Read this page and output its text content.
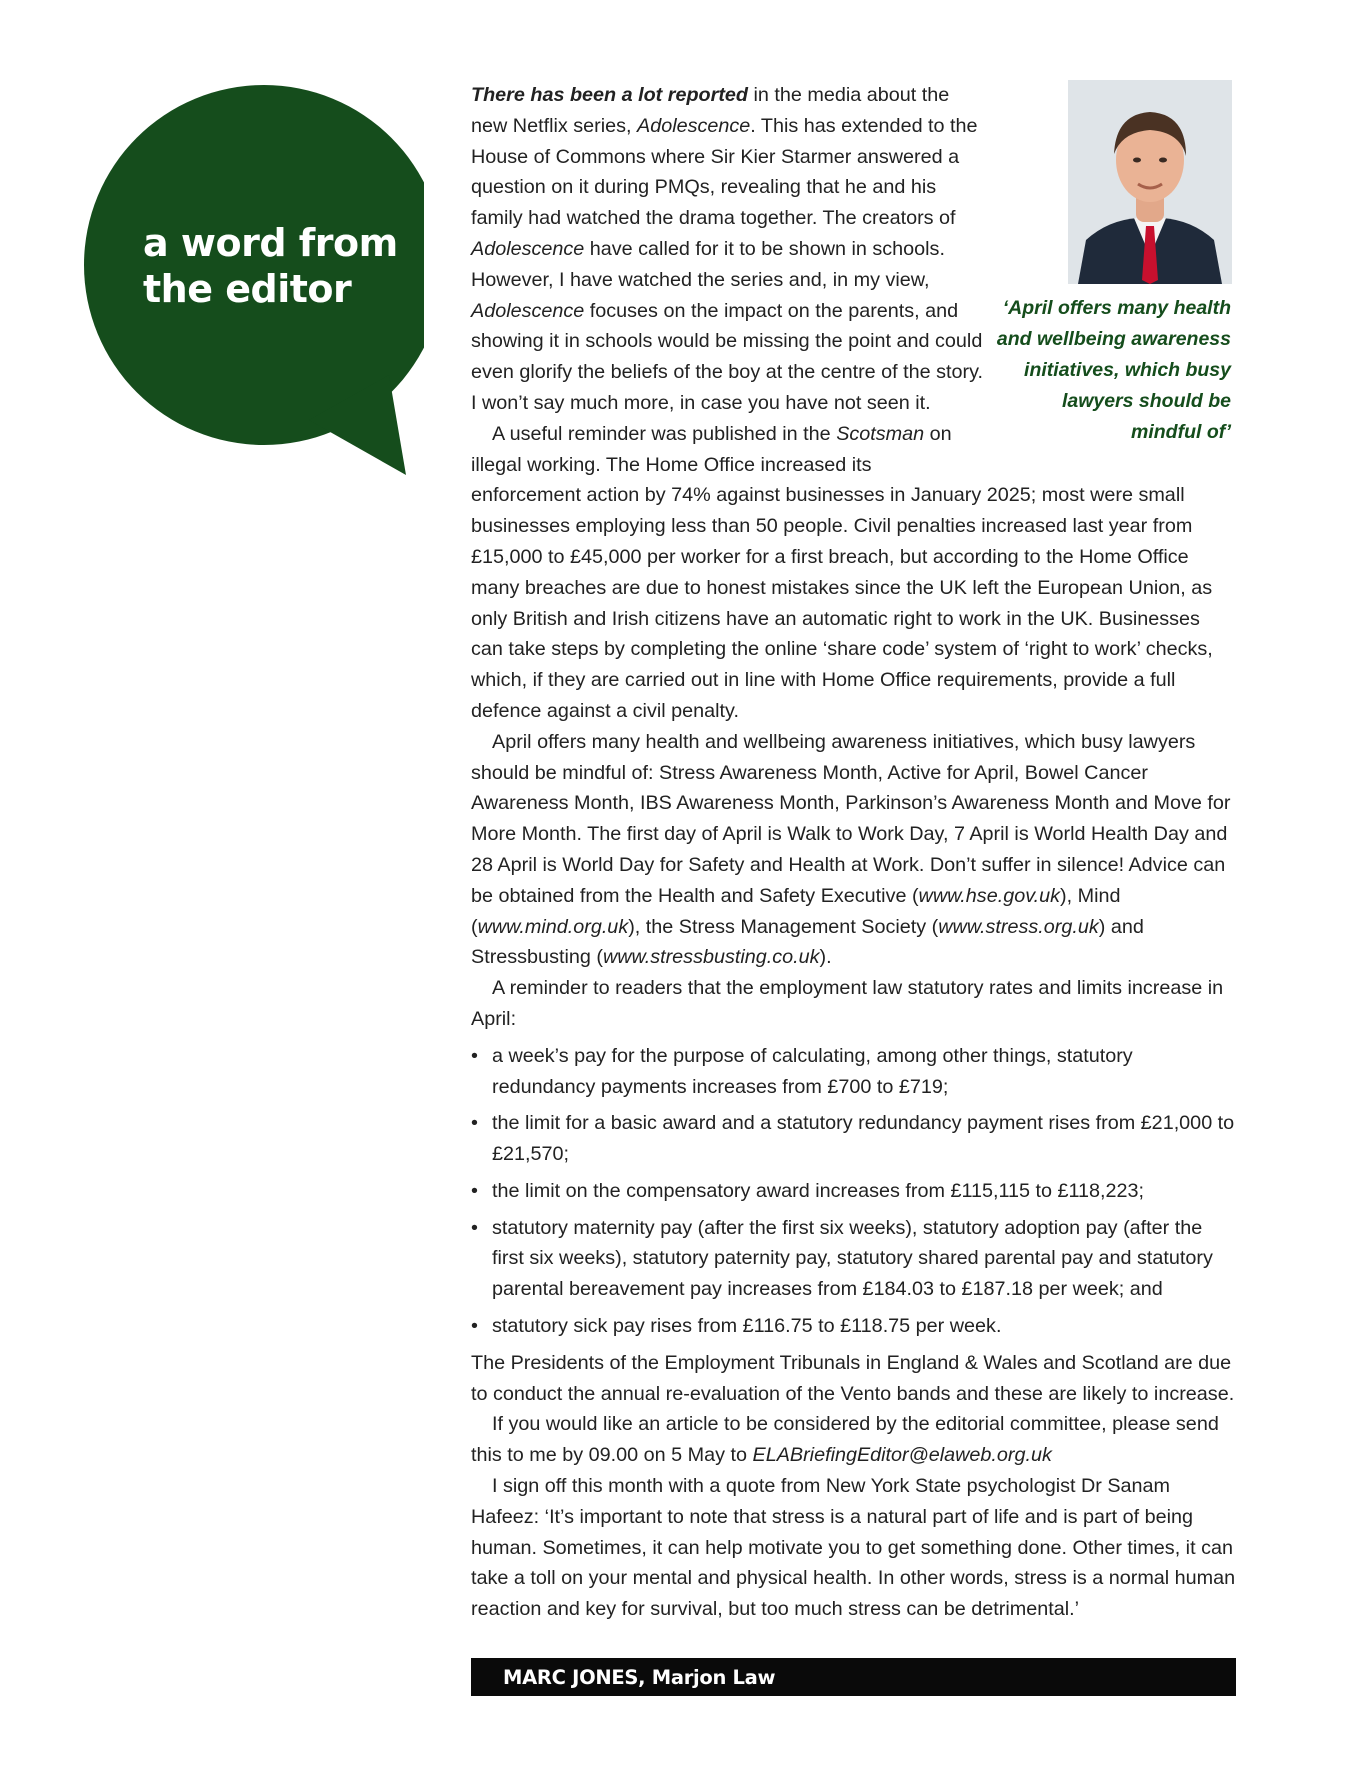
a word from
the editor	‘April offers many health and wellbeing awareness initiatives, which busy lawyers should be mindful of’

There has been a lot reported in the media about the new Netflix series, Adolescence. This has extended to the House of Commons where Sir Kier Starmer answered a question on it during PMQs, revealing that he and his family had watched the drama together. The creators of Adolescence have called for it to be shown in schools. However, I have watched the series and, in my view, Adolescence focuses on the impact on the parents, and showing it in schools would be missing the point and could even glorify the beliefs of the boy at the centre of the story. I won’t say much more, in case you have not seen it.

A useful reminder was published in the Scotsman on illegal working. The Home Office increased its enforcement action by 74% against businesses in January 2025; most were small businesses employing less than 50 people. Civil penalties increased last year from £15,000 to £45,000 per worker for a first breach, but according to the Home Office many breaches are due to honest mistakes since the UK left the European Union, as only British and Irish citizens have an automatic right to work in the UK. Businesses can take steps by completing the online ‘share code’ system of ‘right to work’ checks, which, if they are carried out in line with Home Office requirements, provide a full defence against a civil penalty.

April offers many health and wellbeing awareness initiatives, which busy lawyers should be mindful of: Stress Awareness Month, Active for April, Bowel Cancer Awareness Month, IBS Awareness Month, Parkinson’s Awareness Month and Move for More Month. The first day of April is Walk to Work Day, 7 April is World Health Day and 28 April is World Day for Safety and Health at Work. Don’t suffer in silence! Advice can be obtained from the Health and Safety Executive (www.hse.gov.uk), Mind (www.mind.org.uk), the Stress Management Society (www.stress.org.uk) and Stressbusting (www.stressbusting.co.uk).

A reminder to readers that the employment law statutory rates and limits increase in April:

• a week’s pay for the purpose of calculating, among other things, statutory redundancy payments increases from £700 to £719;
• the limit for a basic award and a statutory redundancy payment rises from £21,000 to £21,570;
• the limit on the compensatory award increases from £115,115 to £118,223;
• statutory maternity pay (after the first six weeks), statutory adoption pay (after the first six weeks), statutory paternity pay, statutory shared parental pay and statutory parental bereavement pay increases from £184.03 to £187.18 per week; and
• statutory sick pay rises from £116.75 to £118.75 per week.

The Presidents of the Employment Tribunals in England & Wales and Scotland are due to conduct the annual re-evaluation of the Vento bands and these are likely to increase.

If you would like an article to be considered by the editorial committee, please send this to me by 09.00 on 5 May to ELABriefingEditor@elaweb.org.uk

I sign off this month with a quote from New York State psychologist Dr Sanam Hafeez: ‘It’s important to note that stress is a natural part of life and is part of being human. Sometimes, it can help motivate you to get something done. Other times, it can take a toll on your mental and physical health. In other words, stress is a normal human reaction and key for survival, but too much stress can be detrimental.’

MARC JONES, Marjon Law
